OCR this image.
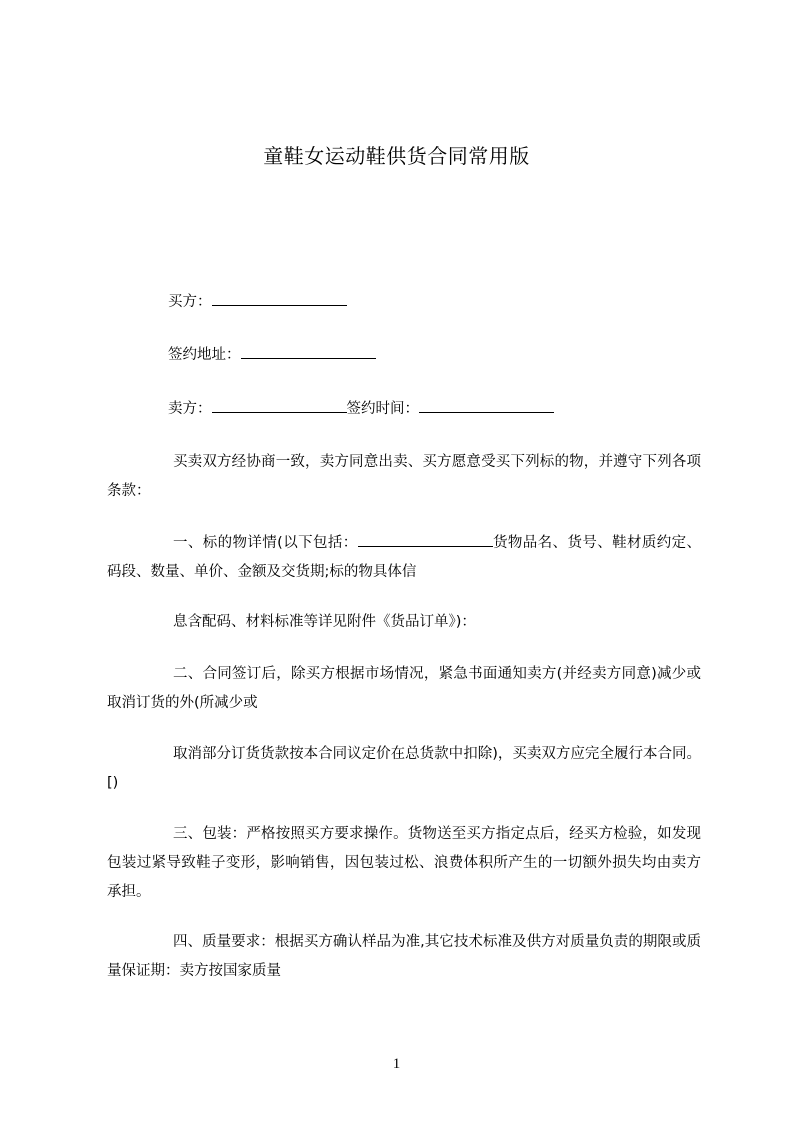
童鞋女运动鞋供货合同常用版
买方：
签约地址：
卖方：	签约时间：

买卖双方经协商一致，卖方同意出卖、买方愿意受买下列标的物，并遵守下列各项条款：

一、标的物详情(以下包括：	货物品名、货号、鞋材质约定、码段、数量、单价、金额及交货期;标的物具体信

息含配码、材料标准等详见附件《货品订单》)：

二、合同签订后，除买方根据市场情况，紧急书面通知卖方(并经卖方同意)减少或取消订货的外(所减少或

取消部分订货货款按本合同议定价在总货款中扣除)，买卖双方应完全履行本合同。[)

三、包装：严格按照买方要求操作。货物送至买方指定点后，经买方检验，如发现包装过紧导致鞋子变形，影响销售，因包装过松、浪费体积所产生的一切额外损失均由卖方承担。

四、质量要求：根据买方确认样品为准,其它技术标准及供方对质量负责的期限或质量保证期：卖方按国家质量

1
